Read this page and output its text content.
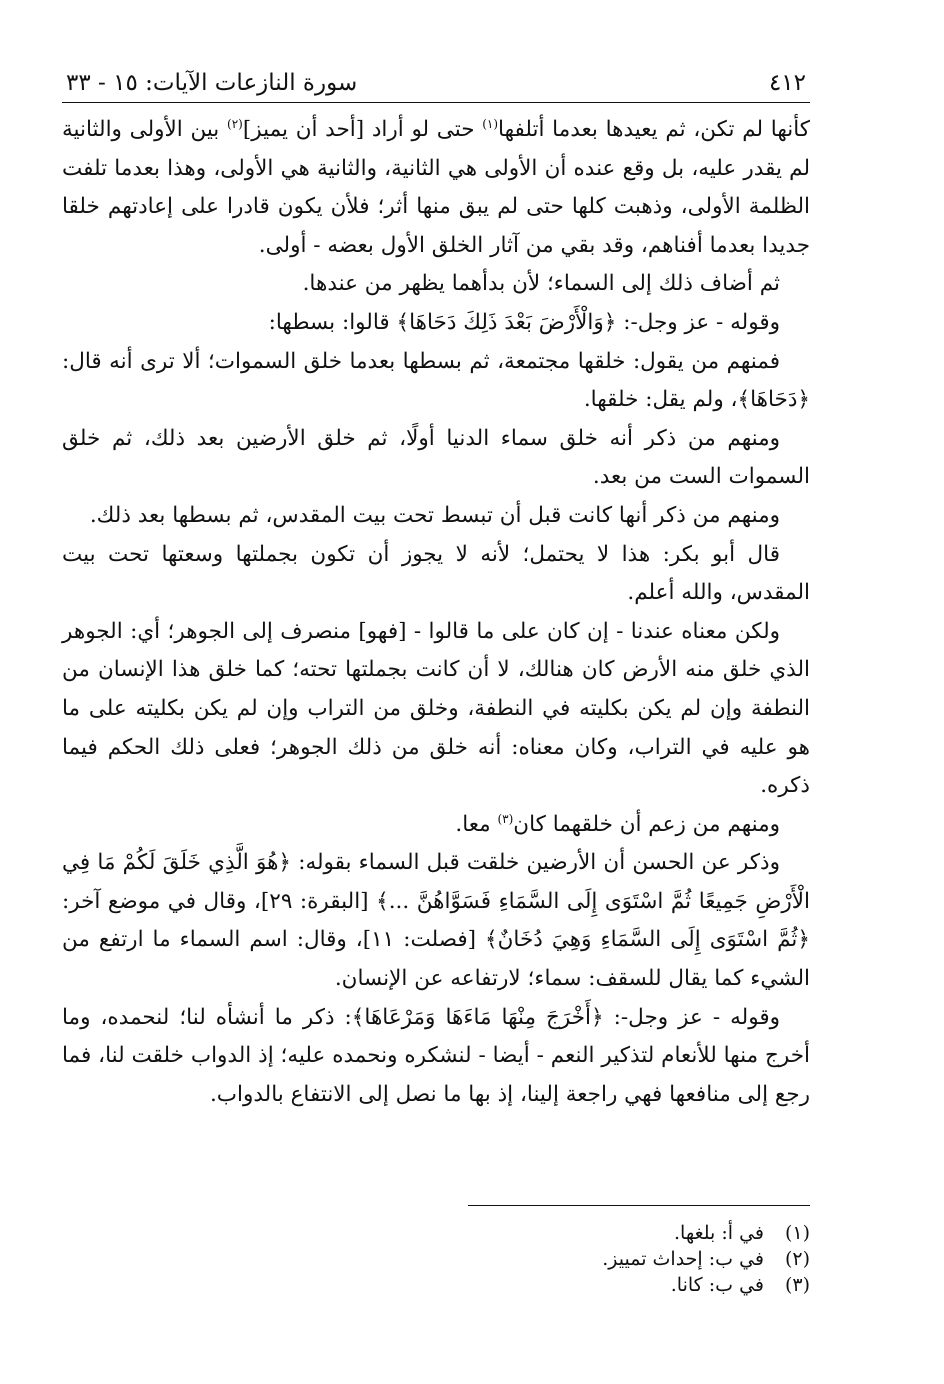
٤١٢
سورة النازعات الآيات: ١٥ - ٣٣

كأنها لم تكن، ثم يعيدها بعدما أتلفها$^{(١)}$ حتى لو أراد [أحد أن يميز]$^{(٢)}$ بين الأولى والثانية لم يقدر عليه، بل وقع عنده أن الأولى هي الثانية، والثانية هي الأولى، وهذا بعدما تلفت الظلمة الأولى، وذهبت كلها حتى لم يبق منها أثر؛ فلأن يكون قادرا على إعادتهم خلقا جديدا بعدما أفناهم، وقد بقي من آثار الخلق الأول بعضه - أولى.

ثم أضاف ذلك إلى السماء؛ لأن بدأهما يظهر من عندها.

وقوله - عز وجل-: ﴿وَالْأَرْضَ بَعْدَ ذَلِكَ دَحَاهَا﴾ قالوا: بسطها:

فمنهم من يقول: خلقها مجتمعة، ثم بسطها بعدما خلق السموات؛ ألا ترى أنه قال: ﴿دَحَاهَا﴾، ولم يقل: خلقها.

ومنهم من ذكر أنه خلق سماء الدنيا أولًا، ثم خلق الأرضين بعد ذلك، ثم خلق السموات الست من بعد.

ومنهم من ذكر أنها كانت قبل أن تبسط تحت بيت المقدس، ثم بسطها بعد ذلك.

قال أبو بكر: هذا لا يحتمل؛ لأنه لا يجوز أن تكون بجملتها وسعتها تحت بيت المقدس، والله أعلم.

ولكن معناه عندنا - إن كان على ما قالوا - [فهو] منصرف إلى الجوهر؛ أي: الجوهر الذي خلق منه الأرض كان هنالك، لا أن كانت بجملتها تحته؛ كما خلق هذا الإنسان من النطفة وإن لم يكن بكليته في النطفة، وخلق من التراب وإن لم يكن بكليته على ما هو عليه في التراب، وكان معناه: أنه خلق من ذلك الجوهر؛ فعلى ذلك الحكم فيما ذكره.

ومنهم من زعم أن خلقهما كان$^{(٣)}$ معا.

وذكر عن الحسن أن الأرضين خلقت قبل السماء بقوله: ﴿هُوَ الَّذِي خَلَقَ لَكُمْ مَا فِي الْأَرْضِ جَمِيعًا ثُمَّ اسْتَوَى إِلَى السَّمَاءِ فَسَوَّاهُنَّ ...﴾ [البقرة: ٢٩]، وقال في موضع آخر: ﴿ثُمَّ اسْتَوَى إِلَى السَّمَاءِ وَهِيَ دُخَانٌ﴾ [فصلت: ١١]، وقال: اسم السماء ما ارتفع من الشيء كما يقال للسقف: سماء؛ لارتفاعه عن الإنسان.

وقوله - عز وجل-: ﴿أَخْرَجَ مِنْهَا مَاءَهَا وَمَرْعَاهَا﴾: ذكر ما أنشأه لنا؛ لنحمده، وما أخرج منها للأنعام لتذكير النعم - أيضا - لنشكره ونحمده عليه؛ إذ الدواب خلقت لنا، فما رجع إلى منافعها فهي راجعة إلينا، إذ بها ما نصل إلى الانتفاع بالدواب.

(١)
في أ: بلغها.
(٢)
في ب: إحداث تمييز.
(٣)
في ب: كانا.
